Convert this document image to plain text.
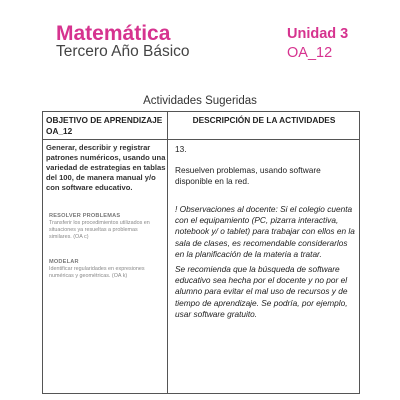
Matemática
Tercero Año Básico
Unidad 3
OA_12
Actividades Sugeridas
OBJETIVO DE APRENDIZAJE OA_12
DESCRIPCIÓN DE LA ACTIVIDADES
Generar, describir y registrar patrones numéricos, usando una variedad de estrategias en tablas del 100, de manera manual y/o con software educativo.
RESOLVER PROBLEMAS
Transferir los procedimientos utilizados en situaciones ya resueltas a problemas similares. (OA c)
MODELAR
Identificar regularidades en expresiones numéricas y geométricas. (OA k)
13.
Resuelven problemas, usando software disponible en la red.
! Observaciones al docente: Si el colegio cuenta con el equipamiento (PC, pizarra interactiva, notebook y/ o tablet) para trabajar con ellos en la sala de clases, es recomendable considerarlos en la planificación de la materia a tratar.
Se recomienda que la búsqueda de software educativo sea hecha por el docente y no por el alumno para evitar el mal uso de recursos y de tiempo de aprendizaje. Se podría, por ejemplo, usar software gratuito.
